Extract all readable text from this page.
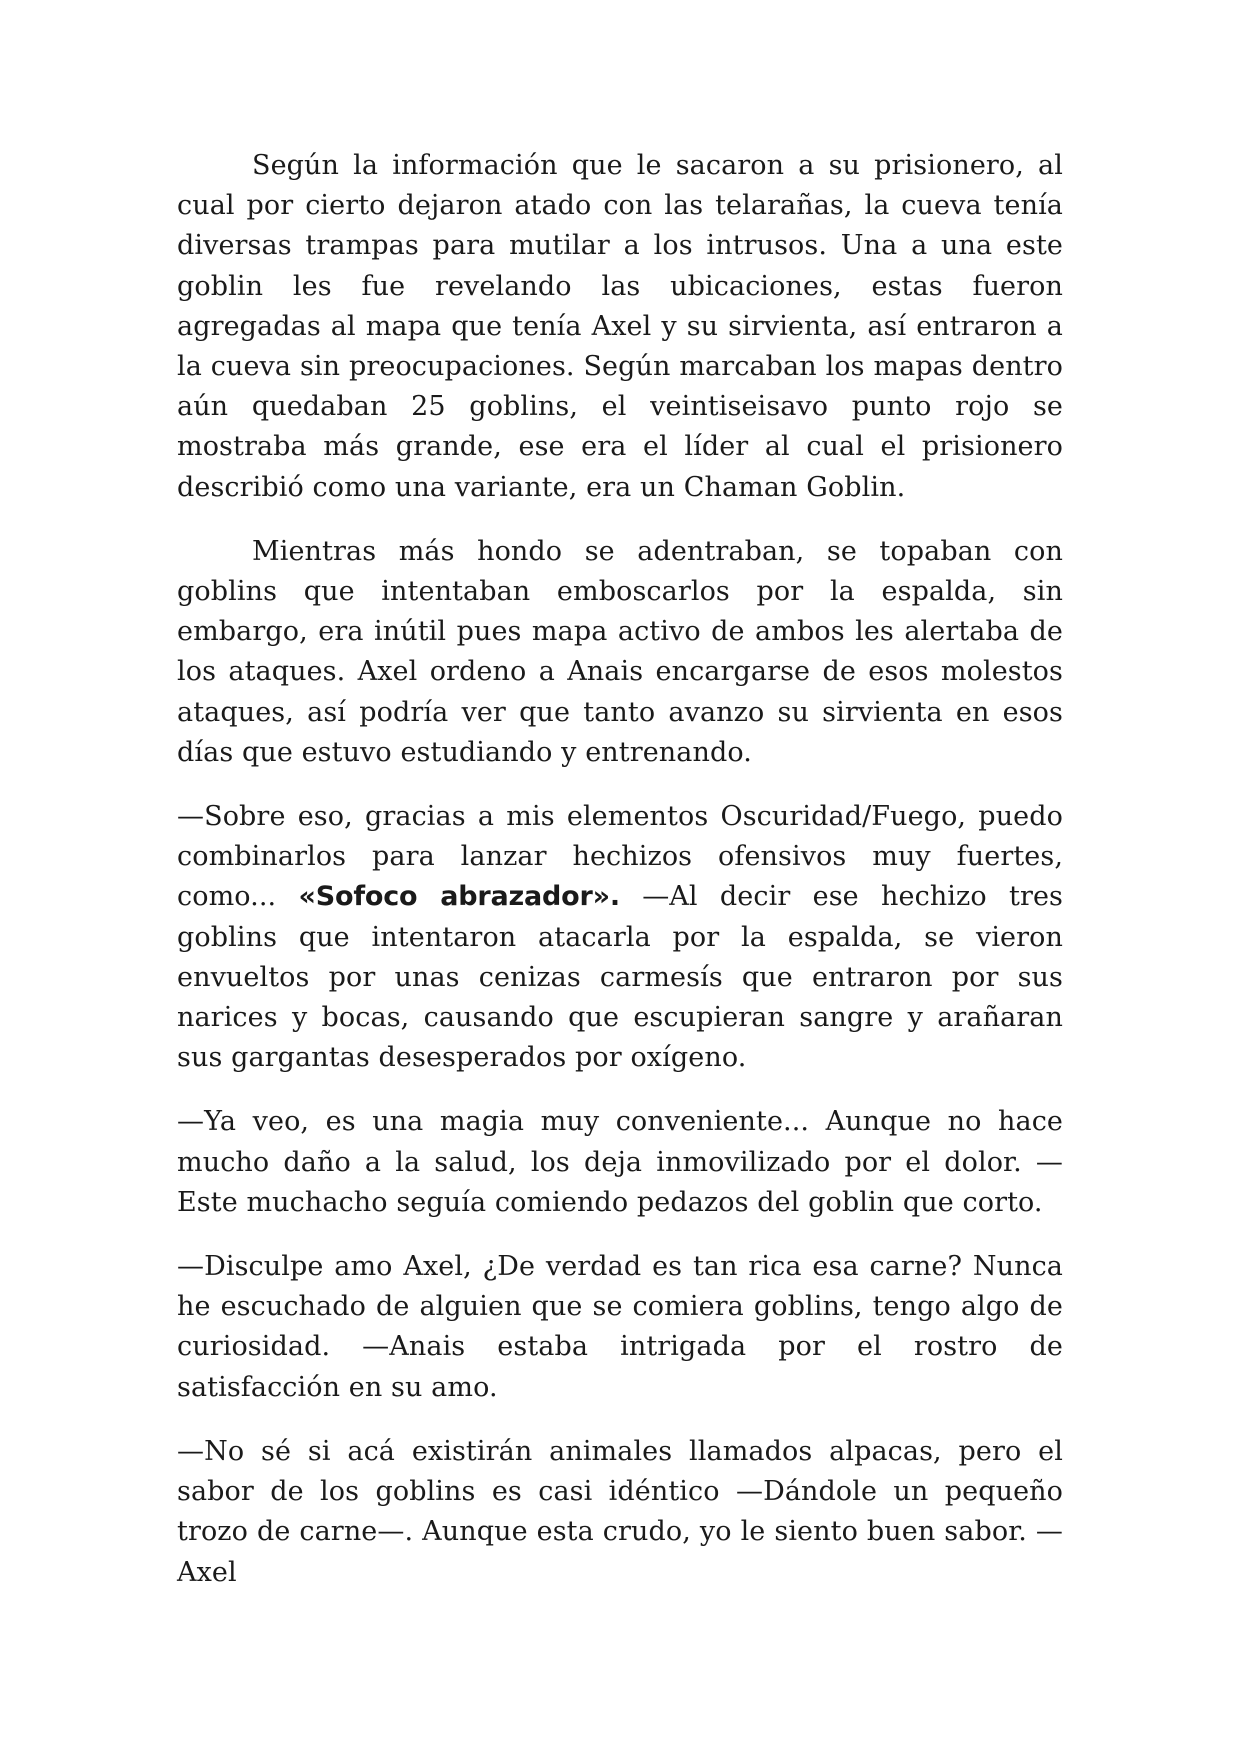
Según la información que le sacaron a su prisionero, al cual por cierto dejaron atado con las telarañas, la cueva tenía diversas trampas para mutilar a los intrusos. Una a una este goblin les fue revelando las ubicaciones, estas fueron agregadas al mapa que tenía Axel y su sirvienta, así entraron a la cueva sin preocupaciones. Según marcaban los mapas dentro aún quedaban 25 goblins, el veintiseisavo punto rojo se mostraba más grande, ese era el líder al cual el prisionero describió como una variante, era un Chaman Goblin.

Mientras más hondo se adentraban, se topaban con goblins que intentaban emboscarlos por la espalda, sin embargo, era inútil pues mapa activo de ambos les alertaba de los ataques. Axel ordeno a Anais encargarse de esos molestos ataques, así podría ver que tanto avanzo su sirvienta en esos días que estuvo estudiando y entrenando.

—Sobre eso, gracias a mis elementos Oscuridad/Fuego, puedo combinarlos para lanzar hechizos ofensivos muy fuertes, como... «Sofoco abrazador». —Al decir ese hechizo tres goblins que intentaron atacarla por la espalda, se vieron envueltos por unas cenizas carmesís que entraron por sus narices y bocas, causando que escupieran sangre y arañaran sus gargantas desesperados por oxígeno.

—Ya veo, es una magia muy conveniente... Aunque no hace mucho daño a la salud, los deja inmovilizado por el dolor. —Este muchacho seguía comiendo pedazos del goblin que corto.

—Disculpe amo Axel, ¿De verdad es tan rica esa carne? Nunca he escuchado de alguien que se comiera goblins, tengo algo de curiosidad. —Anais estaba intrigada por el rostro de satisfacción en su amo.

—No sé si acá existirán animales llamados alpacas, pero el sabor de los goblins es casi idéntico —Dándole un pequeño trozo de carne—. Aunque esta crudo, yo le siento buen sabor. —Axel
